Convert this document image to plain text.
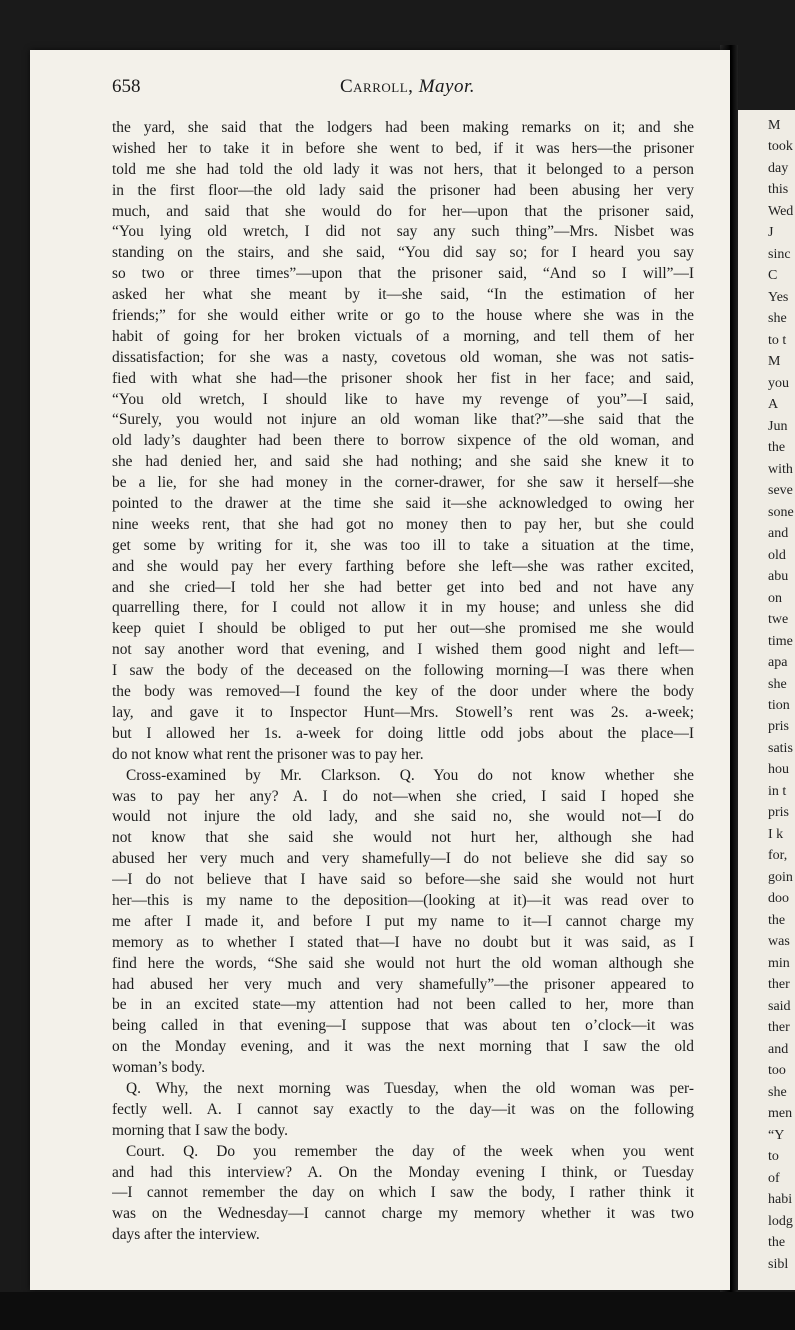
658	Carroll, Mayor.
the yard, she said that the lodgers had been making remarks on it; and she
wished her to take it in before she went to bed, if it was hers—the prisoner
told me she had told the old lady it was not hers, that it belonged to a person
in the first floor—the old lady said the prisoner had been abusing her very
much, and said that she would do for her—upon that the prisoner said,
“You lying old wretch, I did not say any such thing”—Mrs. Nisbet was
standing on the stairs, and she said, “You did say so; for I heard you say
so two or three times”—upon that the prisoner said, “And so I will”—I
asked her what she meant by it—she said, “In the estimation of her
friends;” for she would either write or go to the house where she was in the
habit of going for her broken victuals of a morning, and tell them of her
dissatisfaction; for she was a nasty, covetous old woman, she was not satis-
fied with what she had—the prisoner shook her fist in her face; and said,
“You old wretch, I should like to have my revenge of you”—I said,
“Surely, you would not injure an old woman like that?”—she said that the
old lady’s daughter had been there to borrow sixpence of the old woman, and
she had denied her, and said she had nothing; and she said she knew it to
be a lie, for she had money in the corner-drawer, for she saw it herself—she
pointed to the drawer at the time she said it—she acknowledged to owing her
nine weeks rent, that she had got no money then to pay her, but she could
get some by writing for it, she was too ill to take a situation at the time,
and she would pay her every farthing before she left—she was rather excited,
and she cried—I told her she had better get into bed and not have any
quarrelling there, for I could not allow it in my house; and unless she did
keep quiet I should be obliged to put her out—she promised me she would
not say another word that evening, and I wished them good night and left—
I saw the body of the deceased on the following morning—I was there when
the body was removed—I found the key of the door under where the body
lay, and gave it to Inspector Hunt—Mrs. Stowell’s rent was 2s. a-week;
but I allowed her 1s. a-week for doing little odd jobs about the place—I
do not know what rent the prisoner was to pay her.
Cross-examined by Mr. Clarkson. Q. You do not know whether she
was to pay her any? A. I do not—when she cried, I said I hoped she
would not injure the old lady, and she said no, she would not—I do
not know that she said she would not hurt her, although she had
abused her very much and very shamefully—I do not believe she did say so
—I do not believe that I have said so before—she said she would not hurt
her—this is my name to the deposition—(looking at it)—it was read over to
me after I made it, and before I put my name to it—I cannot charge my
memory as to whether I stated that—I have no doubt but it was said, as I
find here the words, “She said she would not hurt the old woman although she
had abused her very much and very shamefully”—the prisoner appeared to
be in an excited state—my attention had not been called to her, more than
being called in that evening—I suppose that was about ten o’clock—it was
on the Monday evening, and it was the next morning that I saw the old
woman’s body.
Q. Why, the next morning was Tuesday, when the old woman was per-
fectly well. A. I cannot say exactly to the day—it was on the following
morning that I saw the body.
Court. Q. Do you remember the day of the week when you went
and had this interview? A. On the Monday evening I think, or Tuesday
—I cannot remember the day on which I saw the body, I rather think it
was on the Wednesday—I cannot charge my memory whether it was two
days after the interview.
M
took
day
this
Wed
J
sinc
C
Yes
she
to t
M
you
A
Jun
the
with
seve
sone
and
old
abu
on
twe
time
apa
she
tion
pris
satis
hou
in t
pris
I k
for,
goin
doo
the
was
min
ther
said
ther
and
too
she
men
“Y
to
of
habi
lodg
the
sibl
